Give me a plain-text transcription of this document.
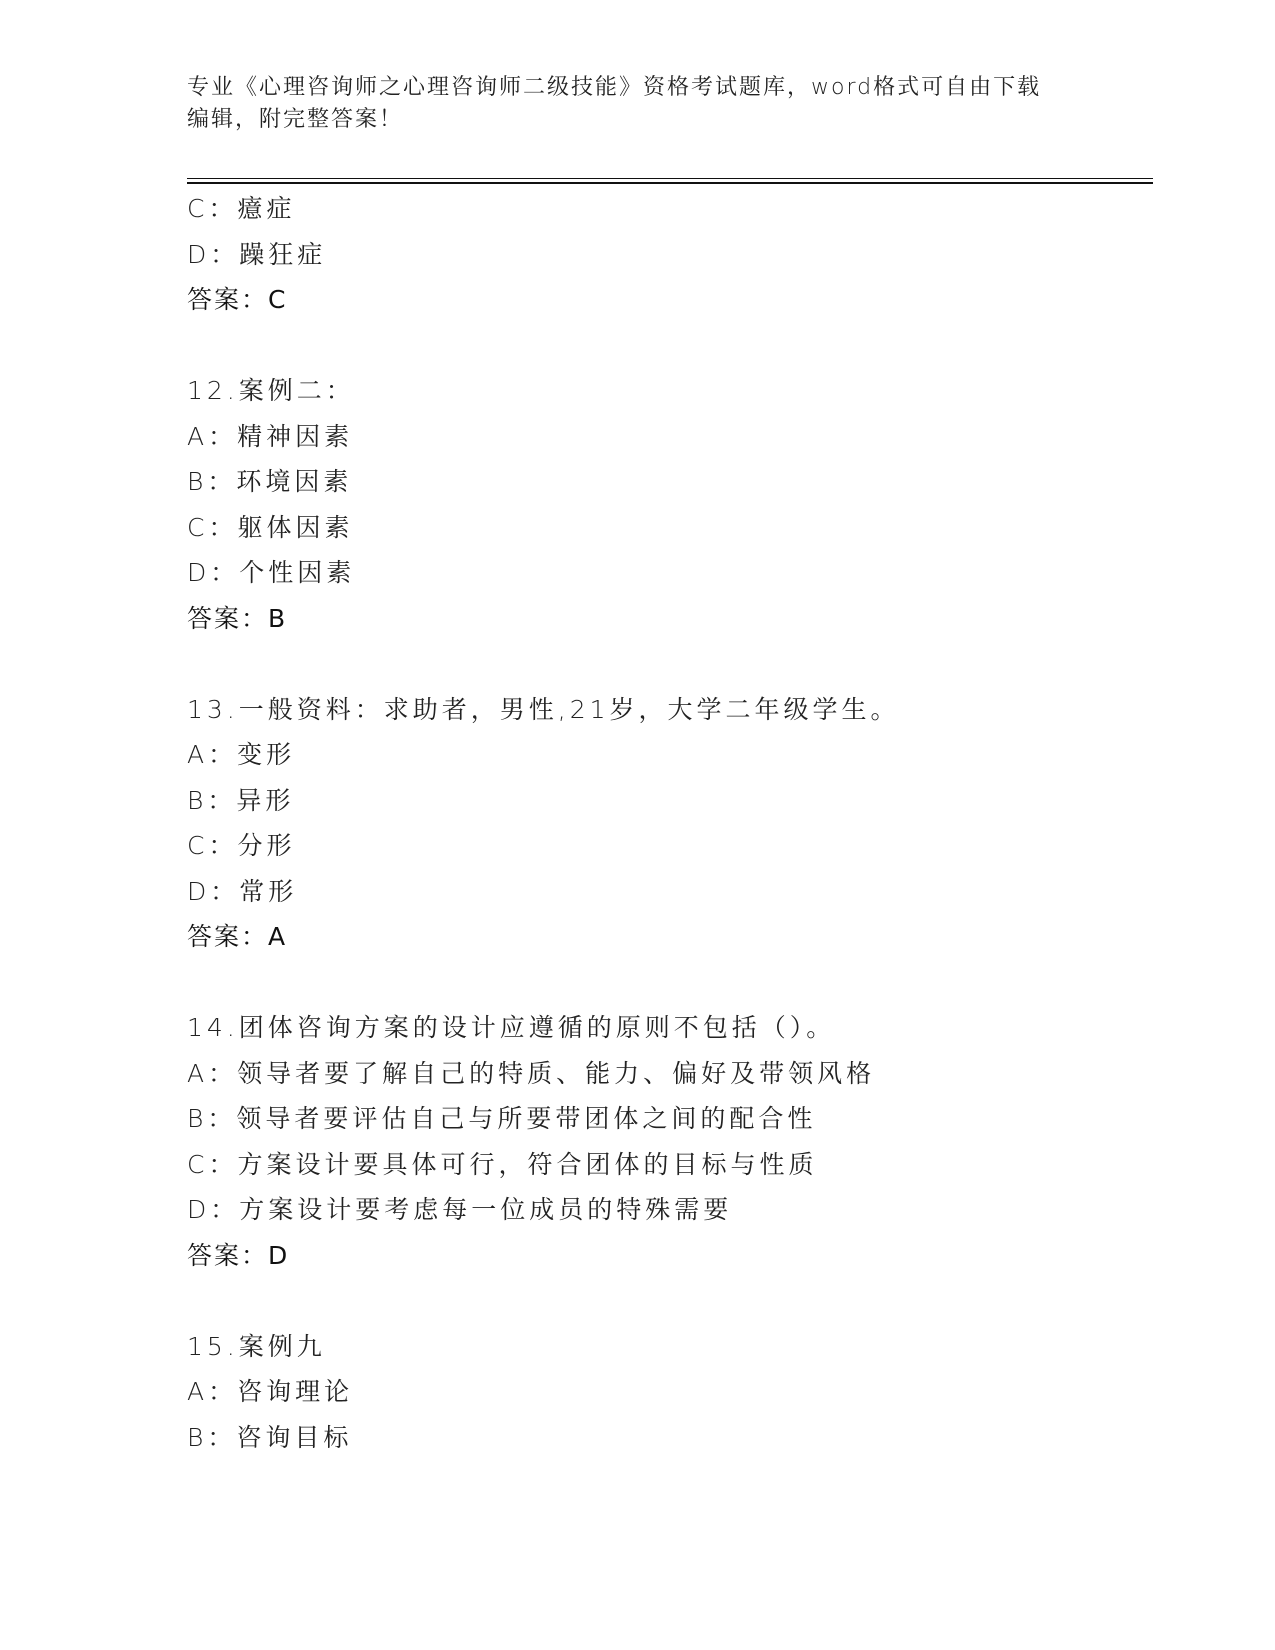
专业《心理咨询师之心理咨询师二级技能》资格考试题库，word格式可自由下载
编辑，附完整答案！
C：癔症
D：躁狂症
答案：C
12.案例二：
A：精神因素
B：环境因素
C：躯体因素
D：个性因素
答案：B
13.一般资料：求助者，男性,21岁，大学二年级学生。
A：变形
B：异形
C：分形
D：常形
答案：A
14.团体咨询方案的设计应遵循的原则不包括（）。
A：领导者要了解自己的特质、能力、偏好及带领风格
B：领导者要评估自己与所要带团体之间的配合性
C：方案设计要具体可行，符合团体的目标与性质
D：方案设计要考虑每一位成员的特殊需要
答案：D
15.案例九
A：咨询理论
B：咨询目标
